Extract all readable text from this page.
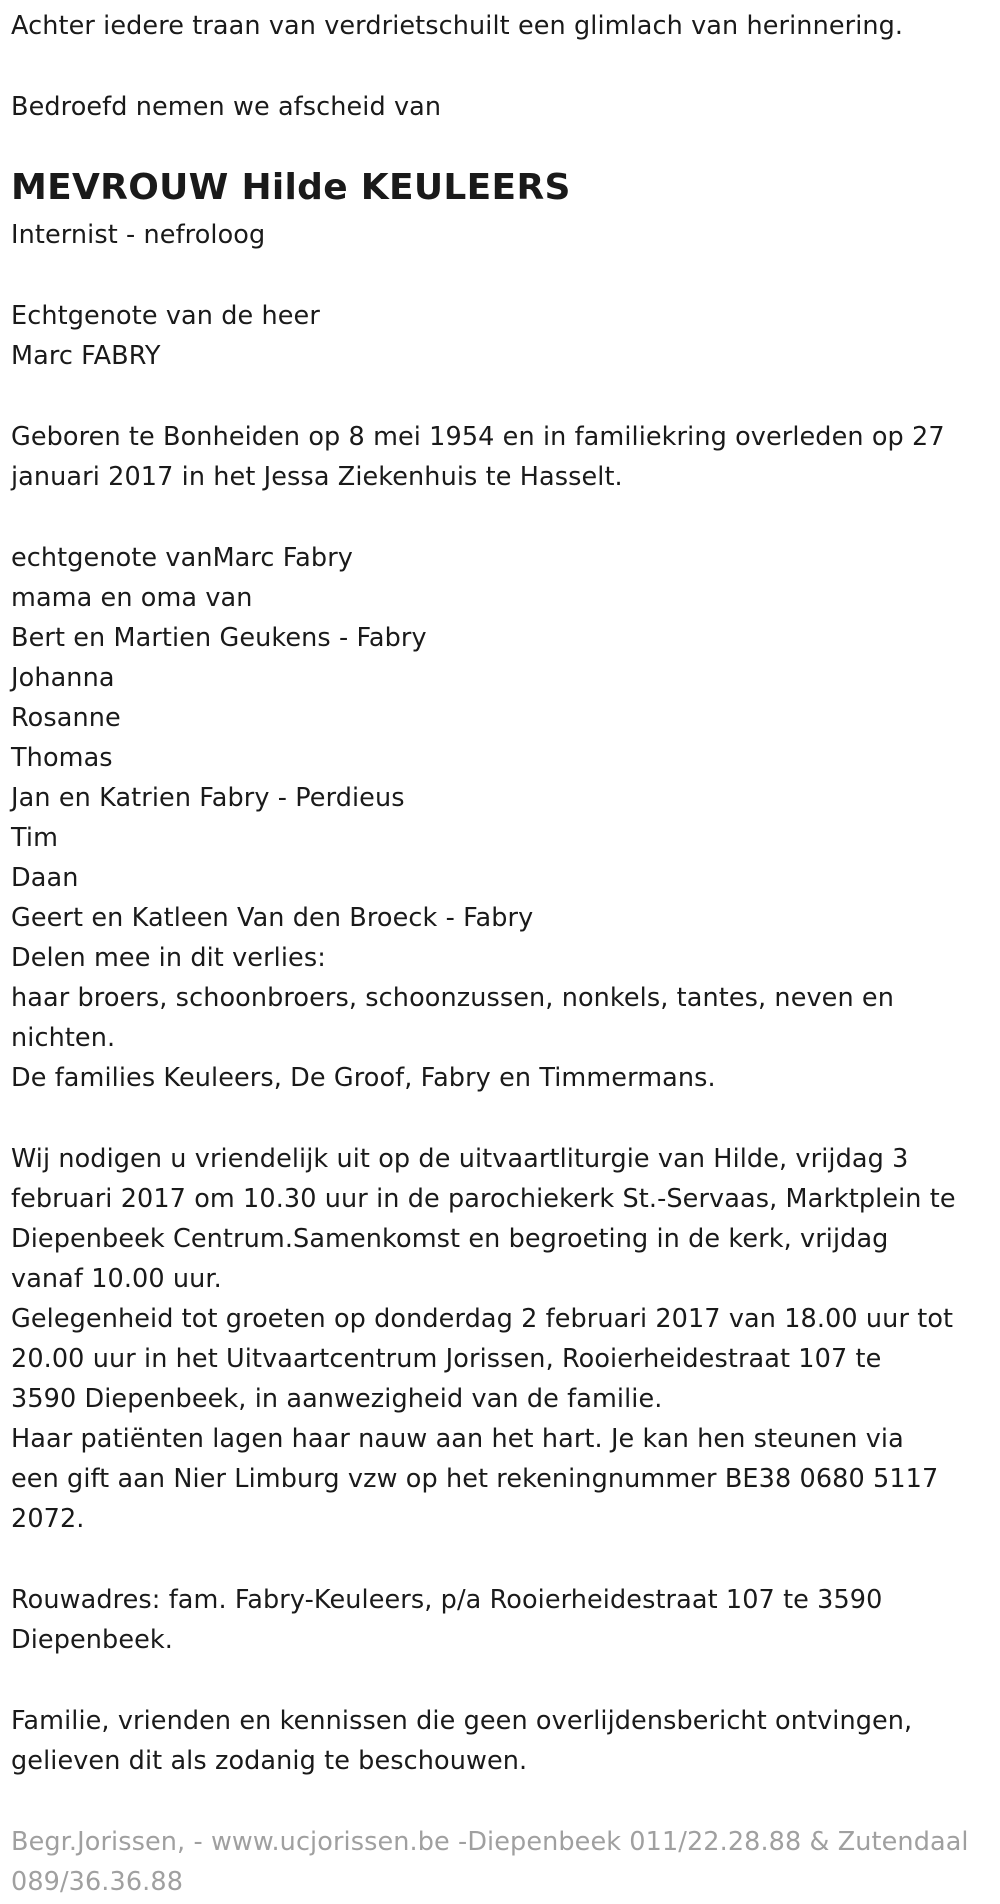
Achter iedere traan van verdrietschuilt een glimlach van herinnering.
Bedroefd nemen we afscheid van
MEVROUW Hilde KEULEERS
Internist - nefroloog
Echtgenote van de heer
Marc FABRY
Geboren te Bonheiden op 8 mei 1954 en in familiekring overleden op 27
januari 2017 in het Jessa Ziekenhuis te Hasselt.
echtgenote vanMarc Fabry
mama en oma van
Bert en Martien Geukens - Fabry
Johanna
Rosanne
Thomas
Jan en Katrien Fabry - Perdieus
Tim
Daan
Geert en Katleen Van den Broeck - Fabry
Delen mee in dit verlies:
haar broers, schoonbroers, schoonzussen, nonkels, tantes, neven en
nichten.
De families Keuleers, De Groof, Fabry en Timmermans.
Wij nodigen u vriendelijk uit op de uitvaartliturgie van Hilde, vrijdag 3
februari 2017 om 10.30 uur in de parochiekerk St.-Servaas, Marktplein te
Diepenbeek Centrum.Samenkomst en begroeting in de kerk, vrijdag
vanaf 10.00 uur.
Gelegenheid tot groeten op donderdag 2 februari 2017 van 18.00 uur tot
20.00 uur in het Uitvaartcentrum Jorissen, Rooierheidestraat 107 te
3590 Diepenbeek, in aanwezigheid van de familie.
Haar patiënten lagen haar nauw aan het hart. Je kan hen steunen via
een gift aan Nier Limburg vzw op het rekeningnummer BE38 0680 5117
2072.
Rouwadres: fam. Fabry-Keuleers, p/a Rooierheidestraat 107 te 3590
Diepenbeek.
Familie, vrienden en kennissen die geen overlijdensbericht ontvingen,
gelieven dit als zodanig te beschouwen.
Begr.Jorissen, - www.ucjorissen.be -Diepenbeek 011/22.28.88 & Zutendaal
089/36.36.88
